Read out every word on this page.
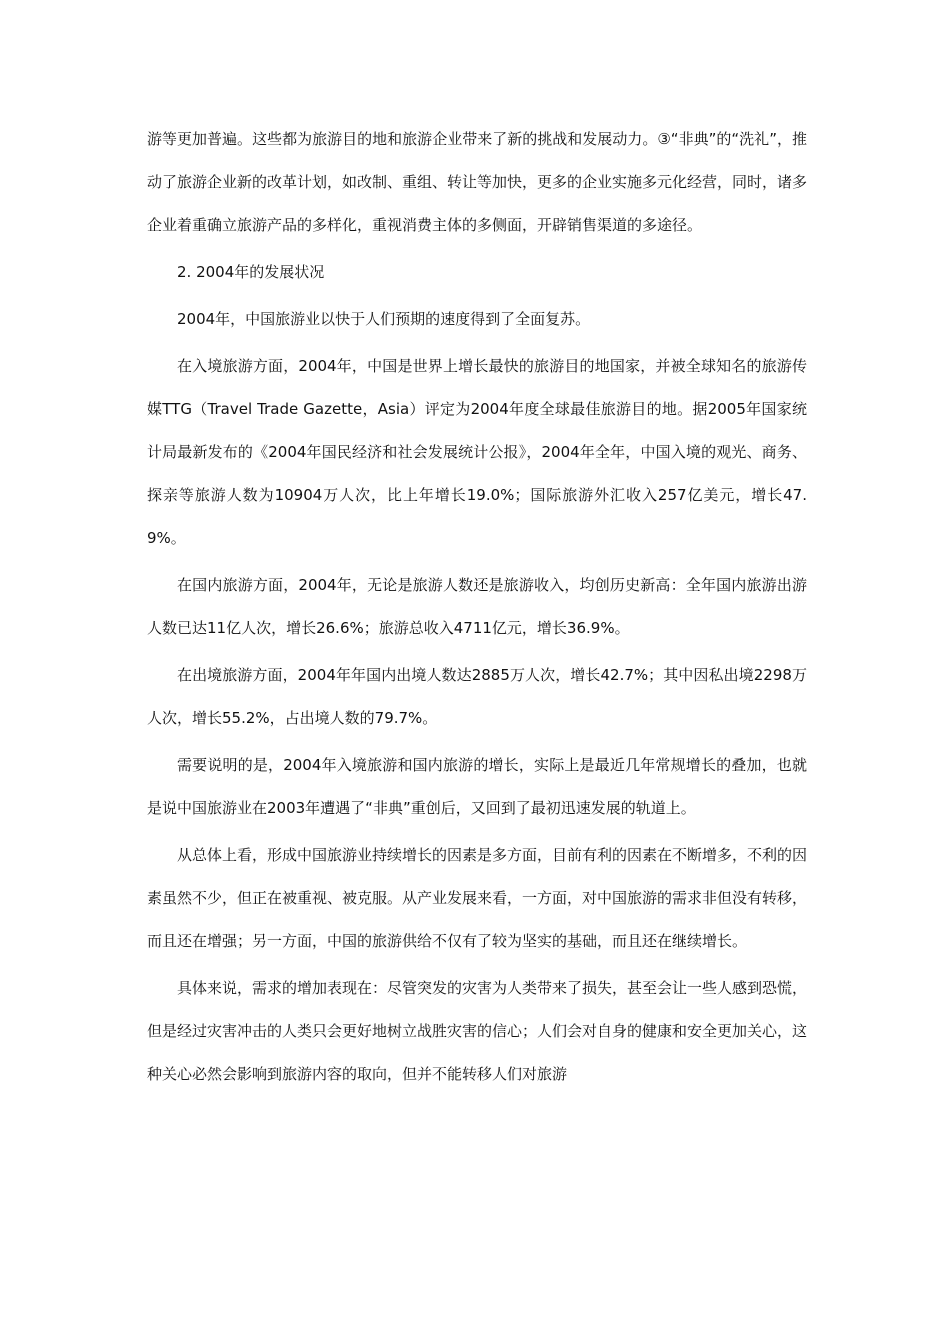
游等更加普遍。这些都为旅游目的地和旅游企业带来了新的挑战和发展动力。③“非典”的“洗礼”，推动了旅游企业新的改革计划，如改制、重组、转让等加快，更多的企业实施多元化经营，同时，诸多企业着重确立旅游产品的多样化，重视消费主体的多侧面，开辟销售渠道的多途径。

2. 2004年的发展状况

2004年，中国旅游业以快于人们预期的速度得到了全面复苏。

在入境旅游方面，2004年，中国是世界上增长最快的旅游目的地国家，并被全球知名的旅游传媒TTG（Travel Trade Gazette，Asia）评定为2004年度全球最佳旅游目的地。据2005年国家统计局最新发布的《2004年国民经济和社会发展统计公报》，2004年全年，中国入境的观光、商务、探亲等旅游人数为10904万人次，比上年增长19.0%；国际旅游外汇收入257亿美元，增长47.9%。

在国内旅游方面，2004年，无论是旅游人数还是旅游收入，均创历史新高：全年国内旅游出游人数已达11亿人次，增长26.6%；旅游总收入4711亿元，增长36.9%。

在出境旅游方面，2004年年国内出境人数达2885万人次，增长42.7%；其中因私出境2298万人次，增长55.2%，占出境人数的79.7%。

需要说明的是，2004年入境旅游和国内旅游的增长，实际上是最近几年常规增长的叠加，也就是说中国旅游业在2003年遭遇了“非典”重创后，又回到了最初迅速发展的轨道上。

从总体上看，形成中国旅游业持续增长的因素是多方面，目前有利的因素在不断增多，不利的因素虽然不少，但正在被重视、被克服。从产业发展来看，一方面，对中国旅游的需求非但没有转移，而且还在增强；另一方面，中国的旅游供给不仅有了较为坚实的基础，而且还在继续增长。

具体来说，需求的增加表现在：尽管突发的灾害为人类带来了损失，甚至会让一些人感到恐慌，但是经过灾害冲击的人类只会更好地树立战胜灾害的信心；人们会对自身的健康和安全更加关心，这种关心必然会影响到旅游内容的取向，但并不能转移人们对旅游
